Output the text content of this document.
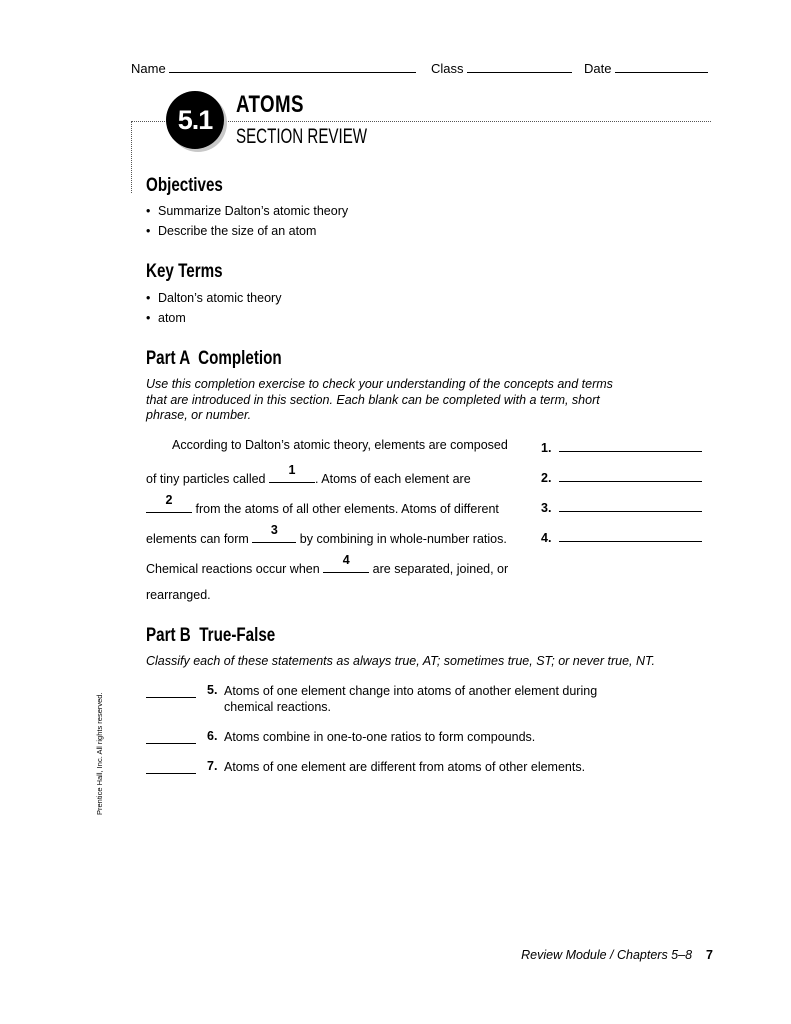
Name	Class	Date
5.1 ATOMS
SECTION REVIEW
Objectives
• Summarize Dalton’s atomic theory
• Describe the size of an atom
Key Terms
• Dalton’s atomic theory
• atom
Part A  Completion
Use this completion exercise to check your understanding of the concepts and terms that are introduced in this section. Each blank can be completed with a term, short phrase, or number.
According to Dalton’s atomic theory, elements are composed
of tiny particles called
1
. Atoms of each element are
2
from the atoms of all other elements. Atoms of different
elements can form
3
by combining in whole-number ratios.
Chemical reactions occur when
4
are separated, joined, or
rearranged.
1.
2.
3.
4.
Part B  True-False
Classify each of these statements as always true, AT; sometimes true, ST; or never true, NT.
5. Atoms of one element change into atoms of another element during chemical reactions.
6. Atoms combine in one-to-one ratios to form compounds.
7. Atoms of one element are different from atoms of other elements.
Prentice Hall, Inc. All rights reserved.
Review Module / Chapters 5–8 7
